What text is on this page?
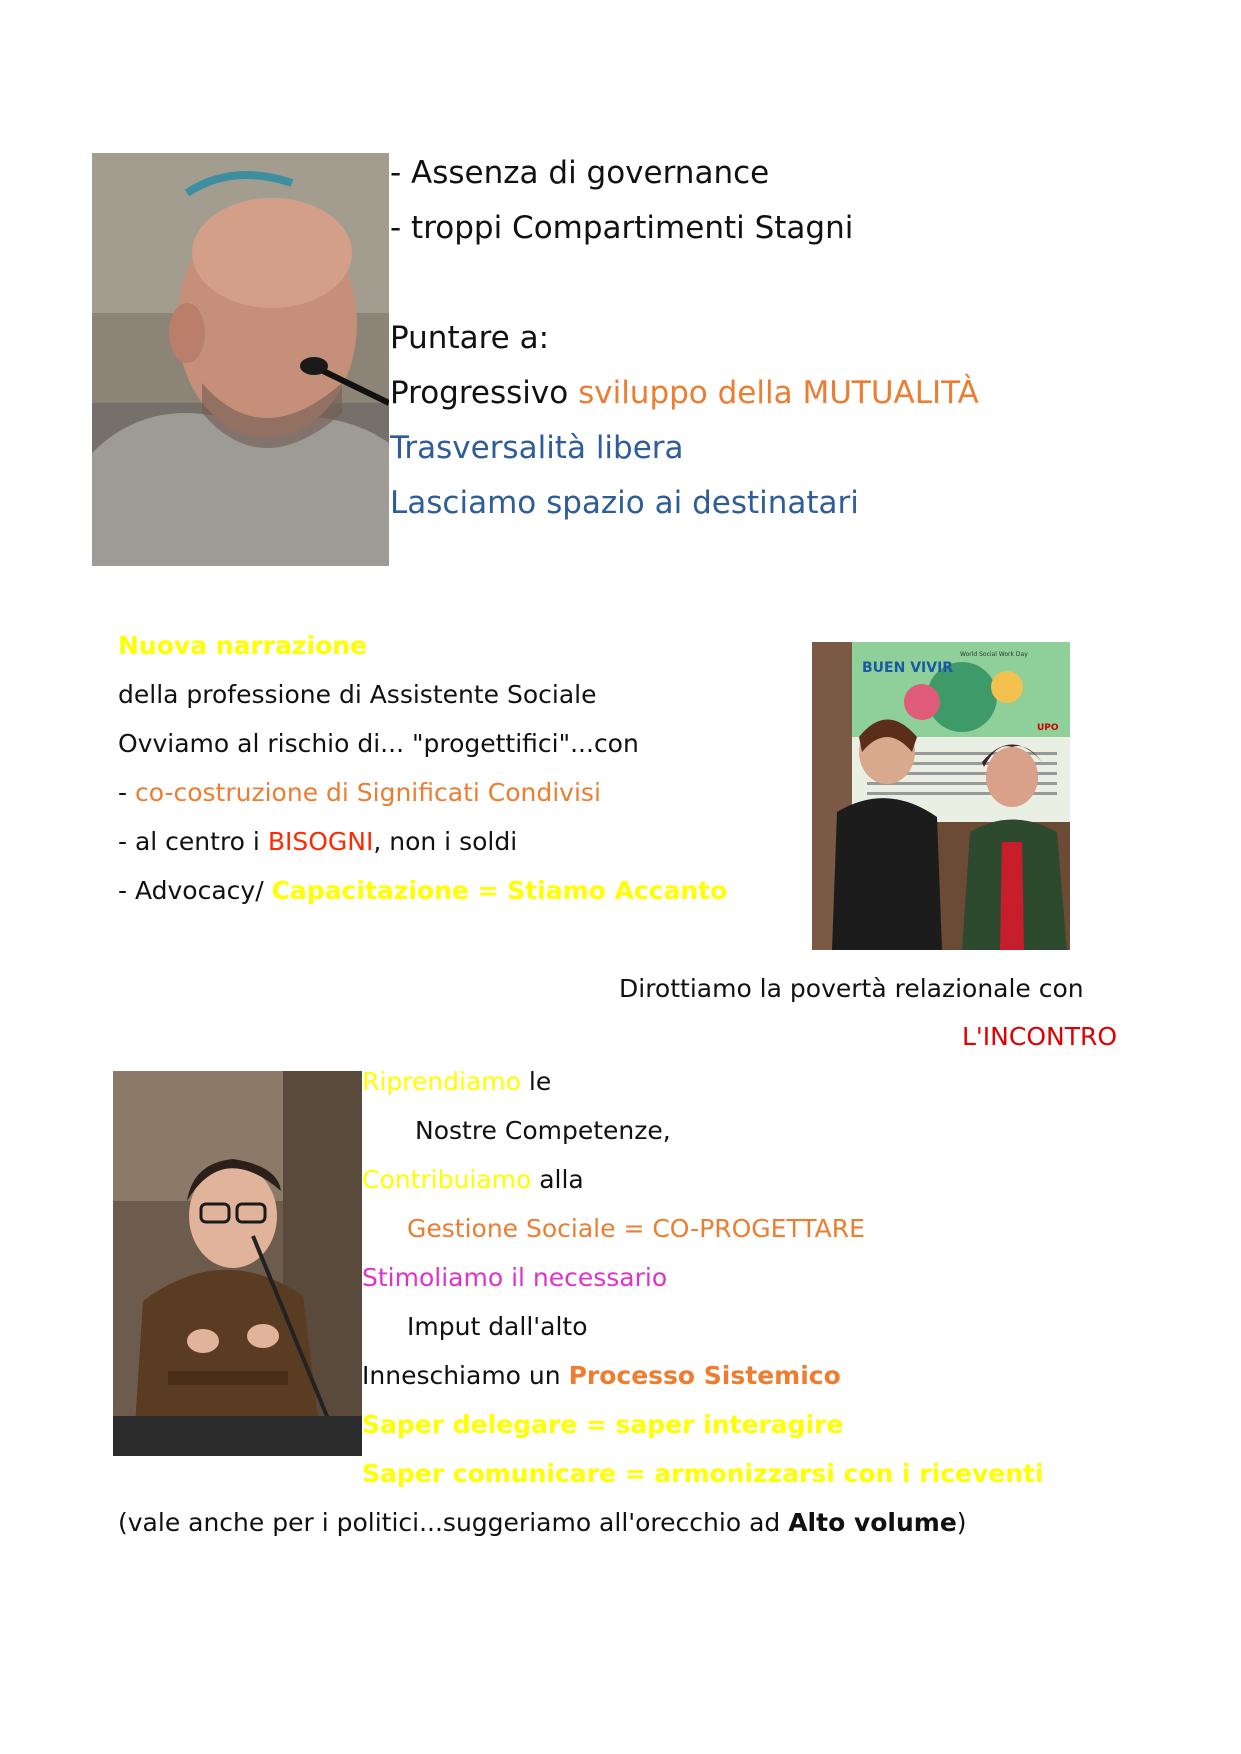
- Assenza di governance
- troppi Compartimenti Stagni
Puntare a:
Progressivo sviluppo della MUTUALITÀ
Trasversalità libera
Lasciamo spazio ai destinatari
Nuova narrazione
della professione di Assistente Sociale
Ovviamo al rischio di... "progettifici"...con
- co-costruzione di Significati Condivisi
- al centro i BISOGNI, non i soldi
- Advocacy/ Capacitazione = Stiamo Accanto
BUEN VIVIR
World Social Work Day
UPO
Dirottiamo la povertà relazionale con
L'INCONTRO
Riprendiamo le
Nostre Competenze,
Contribuiamo alla
Gestione Sociale = CO-PROGETTARE
Stimoliamo il necessario
Imput dall'alto
Inneschiamo un Processo Sistemico
Saper delegare = saper interagire
Saper comunicare = armonizzarsi con i riceventi
(vale anche per i politici...suggeriamo all'orecchio ad Alto volume)
